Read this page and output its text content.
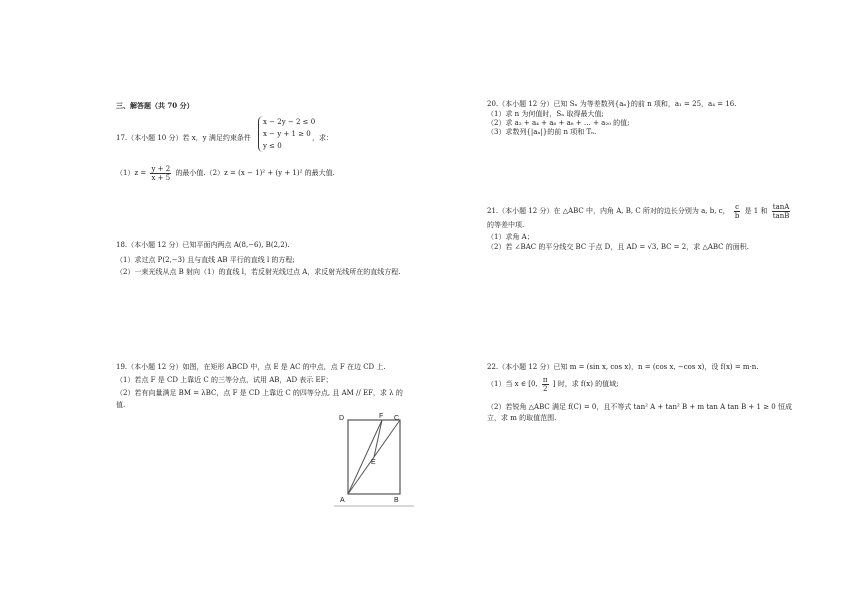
三、解答题（共 70 分）
17.（本小题 10 分）若 x，y 满足约束条件
x − 2y − 2 ≤ 0
x − y + 1 ≥ 0
y ≤ 0
，求：
$(1)z = \frac{y + 2}{x + 5}$ 的最小值.（2）z = (x − 1)² + (y + 1)² 的最大值.
18.（本小题 12 分）已知平面内两点 A(8,−6), B(2,2).
（1）求过点 P(2,−3) 且与直线 AB 平行的直线 l 的方程;
（2）一束光线从点 B 射向（1）的直线 l，若反射光线过点 A，求反射光线所在的直线方程.
19.（本小题 12 分）如图，在矩形 ABCD 中，点 E 是 AC 的中点，点 F 在边 CD 上.
（1）若点 F 是 CD 上靠近 C 的三等分点，试用 AB，AD 表示 EF；
（2）若有向量满足 BM = λBC，点 F 是 CD 上靠近 C 的四等分点, 且 AM // EF，求 λ 的
值.
D	F C
E
A	B
20.（本小题 12 分）已知 Sₙ 为等差数列{aₙ}的前 n 项和，a₁ = 25，a₄ = 16.
（1）求 n 为何值时，Sₙ 取得最大值;
（2）求 a₂ + a₄ + a₆ + a₈ + … + a₂₀ 的值;
（3）求数列{|aₙ|}的前 n 项和 Tₙ.
21.（本小题 12 分）在 △ABC 中，内角 A, B, C 所对的边长分别为 a, b, c， $\frac{c}{b}$ 是 1 和 $\frac{\tan A}{\tan B}$
的等差中项.
（1）求角 A；
（2）若 ∠BAC 的平分线交 BC 于点 D，且 AD = √3, BC = 2，求 △ABC 的面积.
22.（本小题 12 分）已知 m = (sin x, cos x)，n = (cos x, −cos x)，设 f(x) = m·n.
（1）当 x ∈ [0, $\frac{\pi}{2}$ ] 时，求 f(x) 的值域;
（2）若锐角 △ABC 满足 f(C) = 0，且不等式 tan² A + tan² B + m tan A tan B + 1 ≥ 0 恒成
立，求 m 的取值范围.
